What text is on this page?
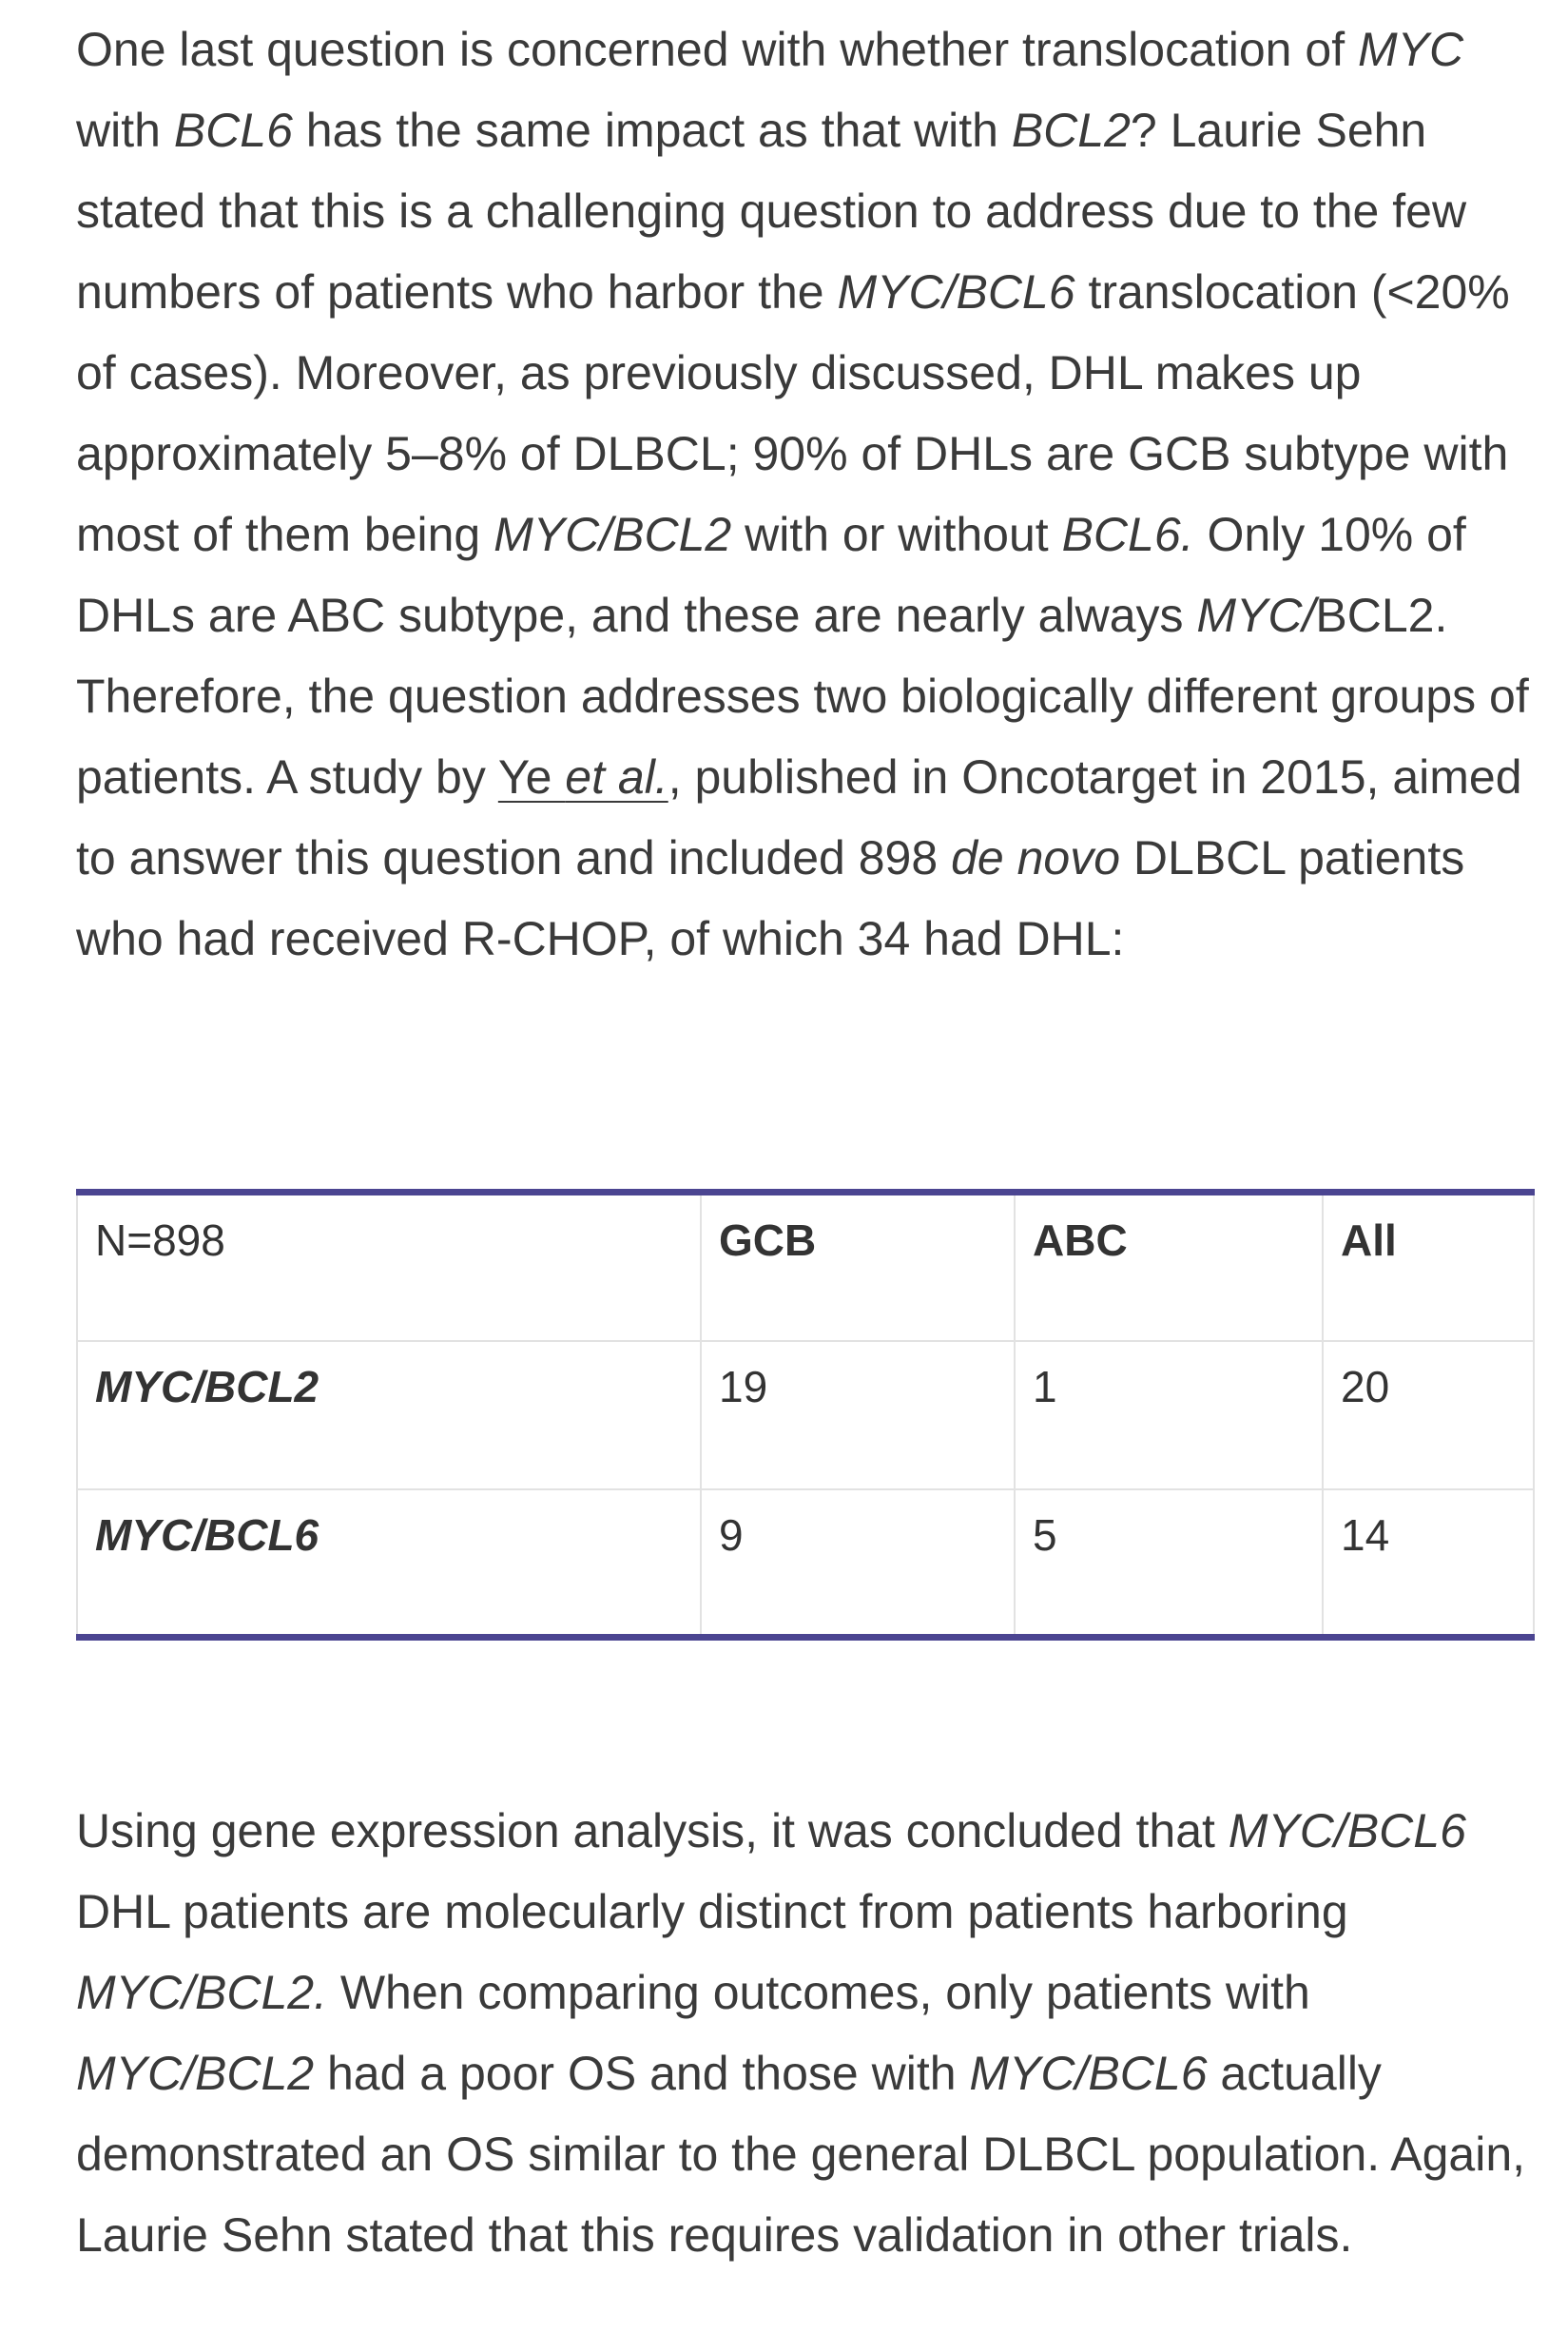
One last question is concerned with whether translocation of MYC with BCL6 has the same impact as that with BCL2? Laurie Sehn stated that this is a challenging question to address due to the few numbers of patients who harbor the MYC/BCL6 translocation (<20% of cases). Moreover, as previously discussed, DHL makes up approximately 5–8% of DLBCL; 90% of DHLs are GCB subtype with most of them being MYC/BCL2 with or without BCL6. Only 10% of DHLs are ABC subtype, and these are nearly always MYC/BCL2. Therefore, the question addresses two biologically different groups of patients. A study by Ye et al., published in Oncotarget in 2015, aimed to answer this question and included 898 de novo DLBCL patients who had received R-CHOP, of which 34 had DHL:

N=898	GCB	ABC	All
MYC/BCL2	19	1	20
MYC/BCL6	9	5	14

Using gene expression analysis, it was concluded that MYC/BCL6 DHL patients are molecularly distinct from patients harboring MYC/BCL2. When comparing outcomes, only patients with MYC/BCL2 had a poor OS and those with MYC/BCL6 actually demonstrated an OS similar to the general DLBCL population. Again, Laurie Sehn stated that this requires validation in other trials.
